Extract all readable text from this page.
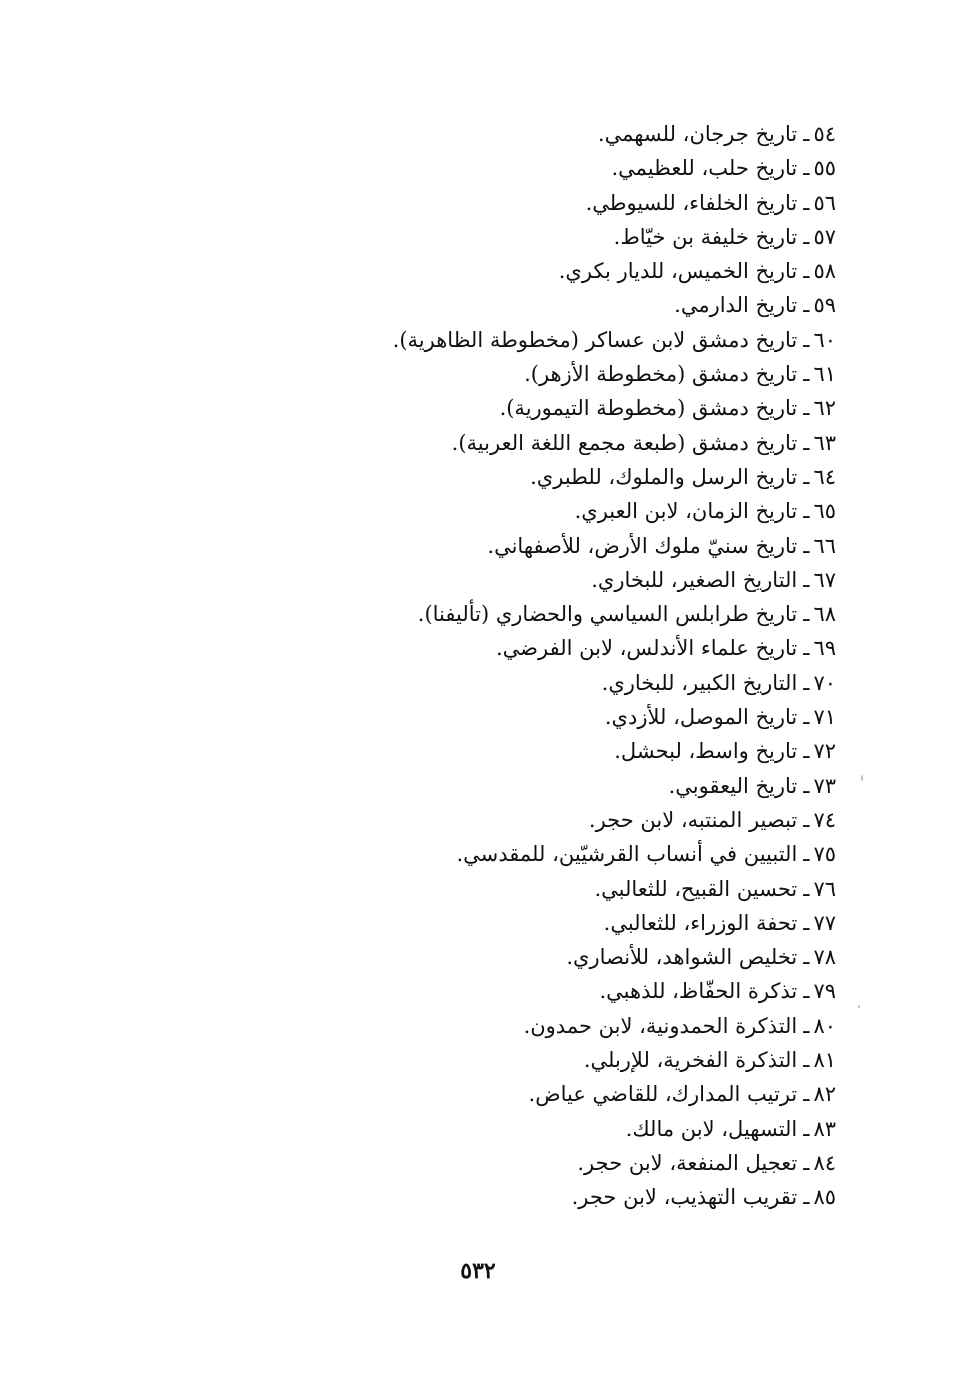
٥٤ـتاريخ جرجان، للسهمي.
٥٥ـتاريخ حلب، للعظيمي.
٥٦ـتاريخ الخلفاء، للسيوطي.
٥٧ـتاريخ خليفة بن خيّاط.
٥٨ـتاريخ الخميس، للديار بكري.
٥٩ـتاريخ الدارمي.
٦٠ـتاريخ دمشق لابن عساكر (مخطوطة الظاهرية).
٦١ـتاريخ دمشق (مخطوطة الأزهر).
٦٢ـتاريخ دمشق (مخطوطة التيمورية).
٦٣ـتاريخ دمشق (طبعة مجمع اللغة العربية).
٦٤ـتاريخ الرسل والملوك، للطبري.
٦٥ـتاريخ الزمان، لابن العبري.
٦٦ـتاريخ سنيّ ملوك الأرض، للأصفهاني.
٦٧ـالتاريخ الصغير، للبخاري.
٦٨ـتاريخ طرابلس السياسي والحضاري (تأليفنا).
٦٩ـتاريخ علماء الأندلس، لابن الفرضي.
٧٠ـالتاريخ الكبير، للبخاري.
٧١ـتاريخ الموصل، للأزدي.
٧٢ـتاريخ واسط، لبحشل.
٧٣ـتاريخ اليعقوبي.
٧٤ـتبصير المنتبه، لابن حجر.
٧٥ـالتبيين في أنساب القرشيّين، للمقدسي.
٧٦ـتحسين القبيح، للثعالبي.
٧٧ـتحفة الوزراء، للثعالبي.
٧٨ـتخليص الشواهد، للأنصاري.
٧٩ـتذكرة الحفّاظ، للذهبي.
٨٠ـالتذكرة الحمدونية، لابن حمدون.
٨١ـالتذكرة الفخرية، للإربلي.
٨٢ـترتيب المدارك، للقاضي عياض.
٨٣ـالتسهيل، لابن مالك.
٨٤ـتعجيل المنفعة، لابن حجر.
٨٥ـتقريب التهذيب، لابن حجر.
٥٣٢
